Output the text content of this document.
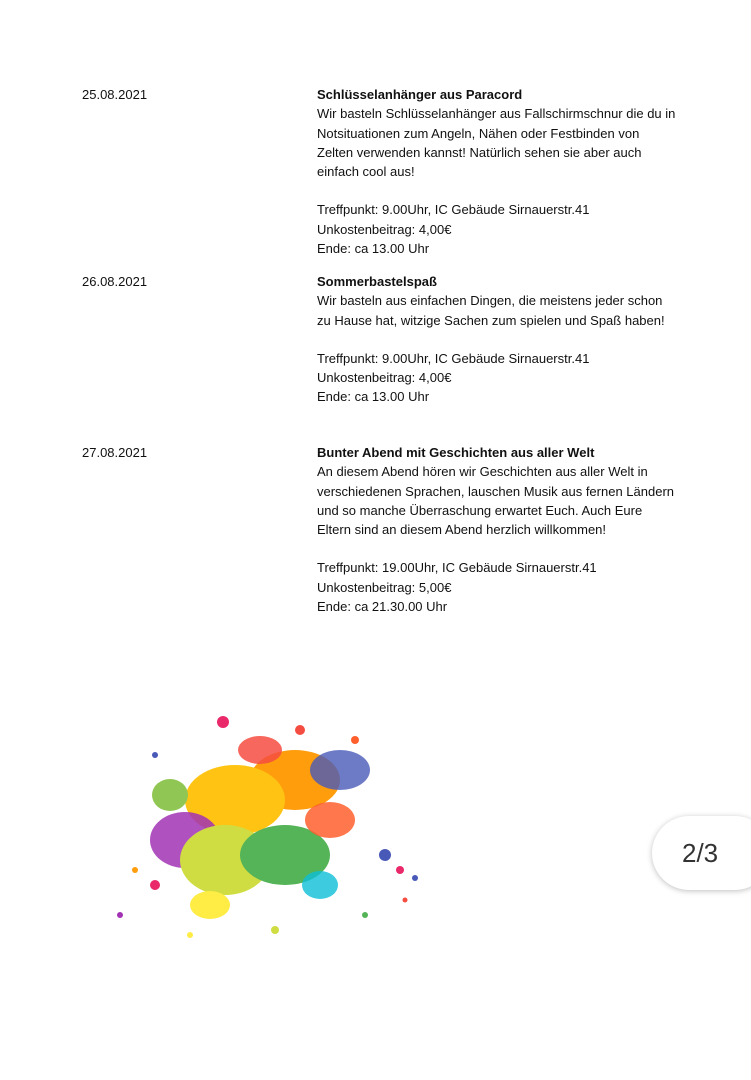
25.08.2021	Schlüsselanhänger aus Paracord
Wir basteln Schlüsselanhänger aus Fallschirmschnur die du in Notsituationen zum Angeln, Nähen oder Festbinden von Zelten verwenden kannst! Natürlich sehen sie aber auch einfach cool aus!
Treffpunkt: 9.00Uhr, IC Gebäude Sirnauerstr.41
Unkostenbeitrag: 4,00€
Ende: ca 13.00 Uhr
26.08.2021	Sommerbastelspaß
Wir basteln aus einfachen Dingen, die meistens jeder schon zu Hause hat, witzige Sachen zum spielen und Spaß haben!
Treffpunkt: 9.00Uhr, IC Gebäude Sirnauerstr.41
Unkostenbeitrag: 4,00€
Ende: ca 13.00 Uhr
27.08.2021	Bunter Abend mit Geschichten aus aller Welt
An diesem Abend hören wir Geschichten aus aller Welt in verschiedenen Sprachen, lauschen Musik aus fernen Ländern und so manche Überraschung erwartet Euch. Auch Eure Eltern sind an diesem Abend herzlich willkommen!
Treffpunkt: 19.00Uhr, IC Gebäude Sirnauerstr.41
Unkostenbeitrag: 5,00€
Ende: ca 21.30.00 Uhr
2/3
